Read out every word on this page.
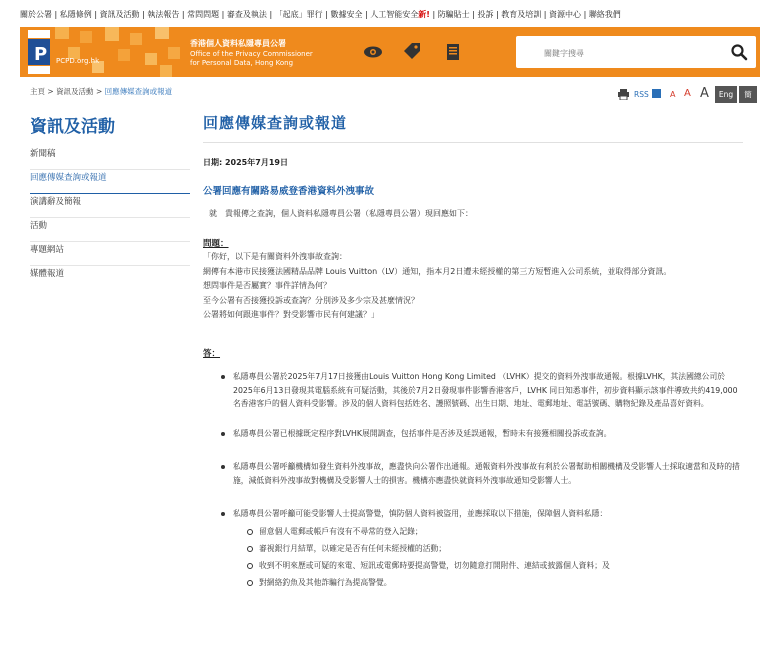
關於公署 | 私隱條例 | 資訊及活動 | 執法報告 | 常問問題 | 審查及執法 | 「起底」罪行 | 數據安全 | 人工智能安全新! | 防騙貼士 | 投訴 | 教育及培訓 | 資源中心 | 聯絡我們
P PCPD.org.hk
香港個人資料私隱專員公署
Office of the Privacy Commissioner
for Personal Data, Hong Kong
關鍵字搜尋
主頁 > 資訊及活動 > 回應傳媒查詢或報道	RSS	A A A	Eng	簡
資訊及活動
新聞稿
回應傳媒查詢或報道
演講辭及簡報
活動
專題網站
媒體報道
回應傳媒查詢或報道
日期: 2025年7月19日
公署回應有關路易威登香港資料外洩事故
就　貴報傳之查詢，個人資料私隱專員公署（私隱專員公署）現回應如下：
問題：
「你好，以下是有關資料外洩事故查詢：
網傳有本港市民接獲法國精品品牌 Louis Vuitton（LV）通知，指本月2日遭未經授權的第三方短暫進入公司系統，並取得部分資訊。
想問事件是否屬實？事件詳情為何？
至今公署有否接獲投訴或查詢？分別涉及多少宗及甚麼情況？
公署將如何跟進事件？對受影響市民有何建議？」
答：
私隱專員公署於2025年7月17日接獲由Louis Vuitton Hong Kong Limited （LVHK）提交的資料外洩事故通報。根據LVHK，其法國總公司於2025年6月13日發現其電腦系統有可疑活動，其後於7月2日發現事件影響香港客戶，LVHK 同日知悉事件，初步資料顯示該事件導致共約419,000名香港客戶的個人資料受影響。涉及的個人資料包括姓名、護照號碼、出生日期、地址、電郵地址、電話號碼、購物紀錄及產品喜好資料。
私隱專員公署已根據既定程序對LVHK展開調查，包括事件是否涉及延誤通報，暫時未有接獲相關投訴或查詢。
私隱專員公署呼籲機構如發生資料外洩事故，應盡快向公署作出通報。通報資料外洩事故有利於公署幫助相關機構及受影響人士採取適當和及時的措施，減低資料外洩事故對機構及受影響人士的損害。機構亦應盡快就資料外洩事故通知受影響人士。
私隱專員公署呼籲可能受影響人士提高警覺，慎防個人資料被盜用，並應採取以下措施，保障個人資料私隱：
留意個人電郵或帳戶有沒有不尋常的登入記錄；
審視銀行月結單，以確定是否有任何未經授權的活動；
收到不明來歷或可疑的來電、短訊或電郵時要提高警覺，切勿隨意打開附件、連結或披露個人資料；及
對網絡釣魚及其他詐騙行為提高警覺。
